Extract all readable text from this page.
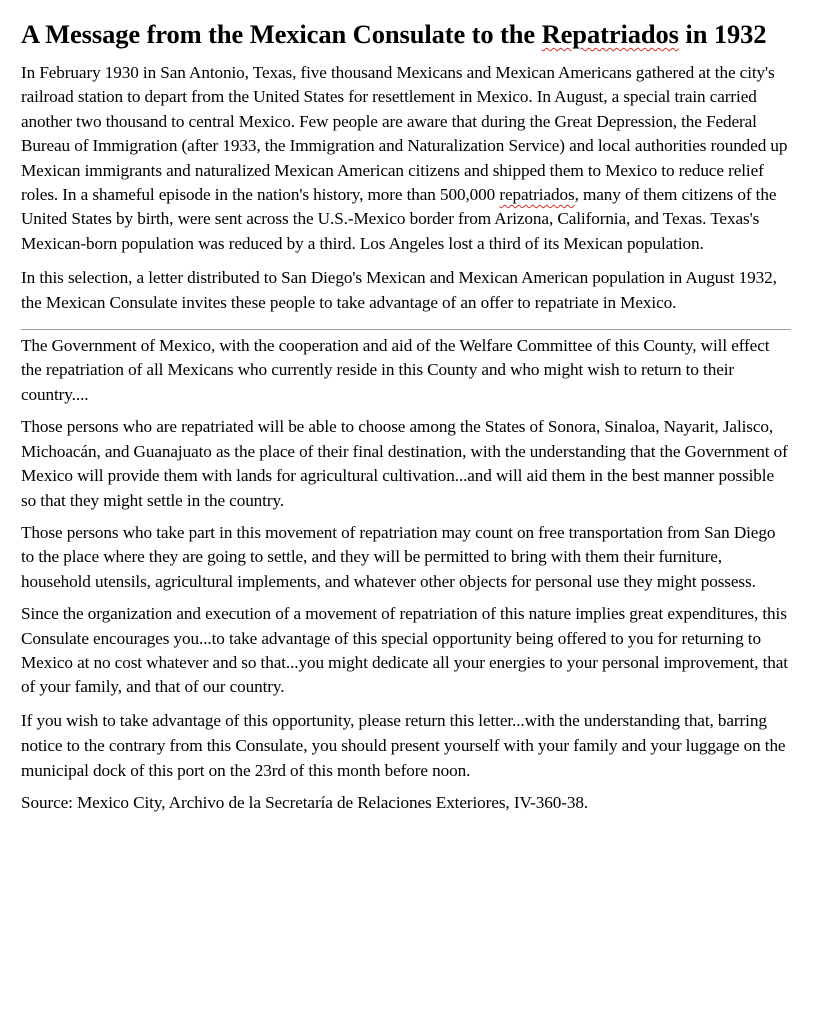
A Message from the Mexican Consulate to the Repatriados in 1932

In February 1930 in San Antonio, Texas, five thousand Mexicans and Mexican Americans gathered at the city's railroad station to depart from the United States for resettlement in Mexico. In August, a special train carried another two thousand to central Mexico. Few people are aware that during the Great Depression, the Federal Bureau of Immigration (after 1933, the Immigration and Naturalization Service) and local authorities rounded up Mexican immigrants and naturalized Mexican American citizens and shipped them to Mexico to reduce relief roles. In a shameful episode in the nation's history, more than 500,000 repatriados, many of them citizens of the United States by birth, were sent across the U.S.-Mexico border from Arizona, California, and Texas. Texas's Mexican-born population was reduced by a third. Los Angeles lost a third of its Mexican population.

In this selection, a letter distributed to San Diego's Mexican and Mexican American population in August 1932, the Mexican Consulate invites these people to take advantage of an offer to repatriate in Mexico.

The Government of Mexico, with the cooperation and aid of the Welfare Committee of this County, will effect the repatriation of all Mexicans who currently reside in this County and who might wish to return to their country....

Those persons who are repatriated will be able to choose among the States of Sonora, Sinaloa, Nayarit, Jalisco, Michoacán, and Guanajuato as the place of their final destination, with the understanding that the Government of Mexico will provide them with lands for agricultural cultivation...and will aid them in the best manner possible so that they might settle in the country.

Those persons who take part in this movement of repatriation may count on free transportation from San Diego to the place where they are going to settle, and they will be permitted to bring with them their furniture, household utensils, agricultural implements, and whatever other objects for personal use they might possess.

Since the organization and execution of a movement of repatriation of this nature implies great expenditures, this Consulate encourages you...to take advantage of this special opportunity being offered to you for returning to Mexico at no cost whatever and so that...you might dedicate all your energies to your personal improvement, that of your family, and that of our country.

If you wish to take advantage of this opportunity, please return this letter...with the understanding that, barring notice to the contrary from this Consulate, you should present yourself with your family and your luggage on the municipal dock of this port on the 23rd of this month before noon.

Source: Mexico City, Archivo de la Secretaría de Relaciones Exteriores, IV-360-38.
